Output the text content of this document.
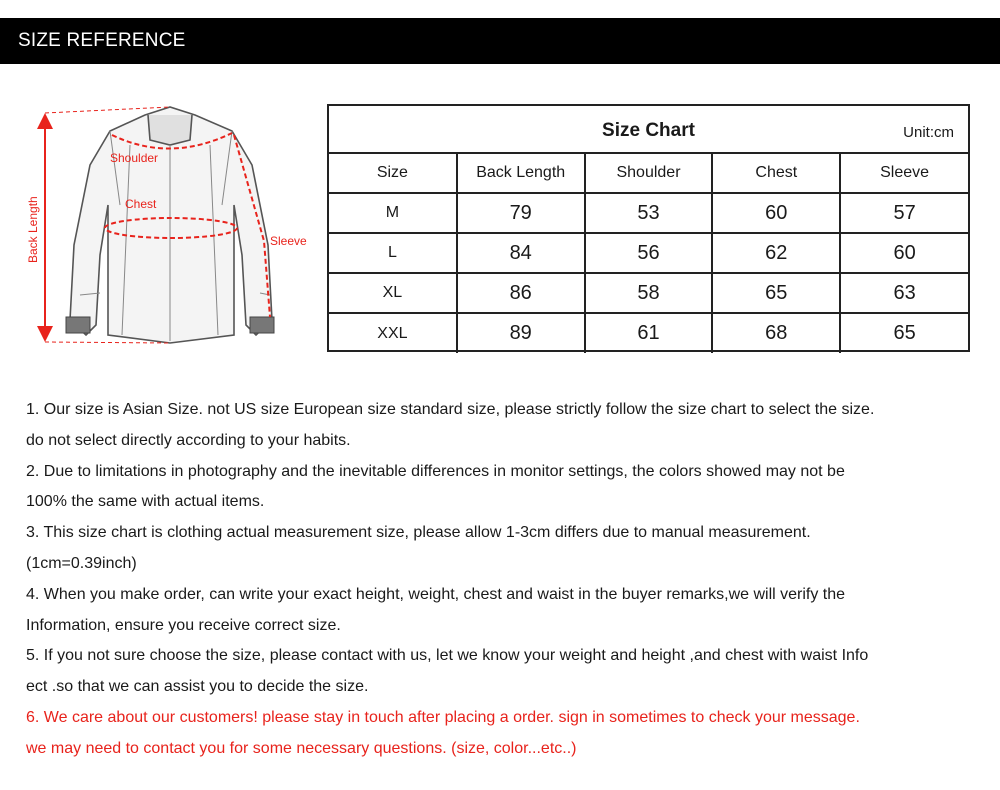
SIZE REFERENCE
Shoulder
Chest
Sleeve
Back Length
Size Chart	Unit:cm
Size	Back Length	Shoulder	Chest	Sleeve
M	79	53	60	57
L	84	56	62	60
XL	86	58	65	63
XXL	89	61	68	65
1. Our size is Asian Size. not US size European size standard size, please strictly follow the size chart to select the size.
do not select directly according to your habits.
2. Due to limitations in photography and the inevitable differences in monitor settings, the colors showed may not be
100% the same with actual items.
3. This size chart is clothing actual measurement size, please allow 1-3cm differs due to manual measurement.
(1cm=0.39inch)
4. When you make order, can write your exact height, weight, chest and waist in the buyer remarks,we will verify the
Information, ensure you receive correct size.
5. If you not sure choose the size, please contact with us, let we know your weight and height ,and chest with waist Info
ect .so that we can assist you to decide the size.
6. We care about our customers! please stay in touch after placing a order. sign in sometimes to check your message.
we may need to contact you for some necessary questions. (size, color...etc..)
